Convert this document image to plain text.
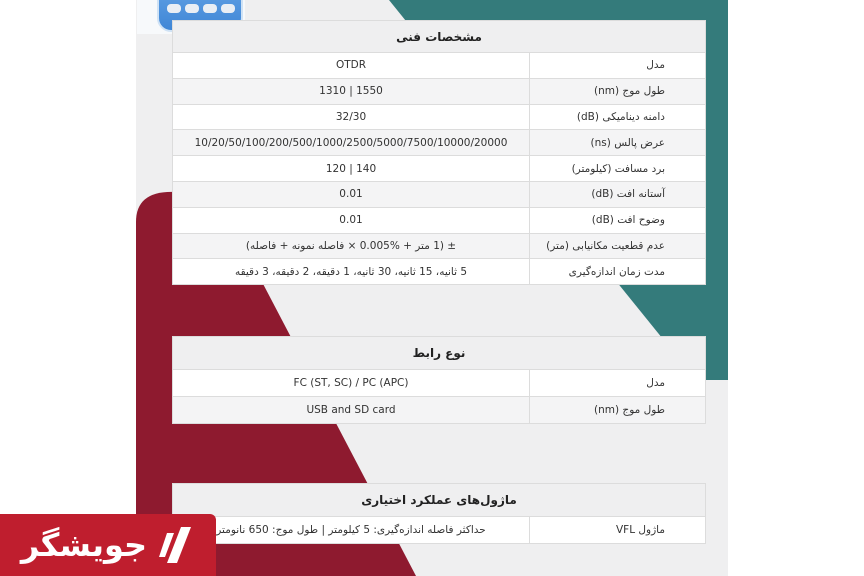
مشخصات فنی
OTDR	مدل
1310 | 1550	طول موج (nm)
32/30	دامنه دینامیکی (dB)
10/20/50/100/200/500/1000/2500/5000/7500/10000/20000	عرض پالس (ns)
120 | 140	برد مسافت (کیلومتر)
0.01	آستانه افت (dB)
0.01	وضوح افت (dB)
± (1 متر + %0.005 × فاصله نمونه + فاصله)	عدم قطعیت مکانیابی (متر)
5 ثانیه، 15 ثانیه، 30 ثانیه، 1 دقیقه، 2 دقیقه، 3 دقیقه	مدت زمان اندازه‌گیری
نوع رابط
FC (ST, SC) / PC (APC)	مدل
USB and SD card	طول موج (nm)
ماژول‌های عملکرد اختیاری
حداکثر فاصله اندازه‌گیری: 5 کیلومتر | طول موج: 650 نانومتر	ماژول VFL
جویشگر
